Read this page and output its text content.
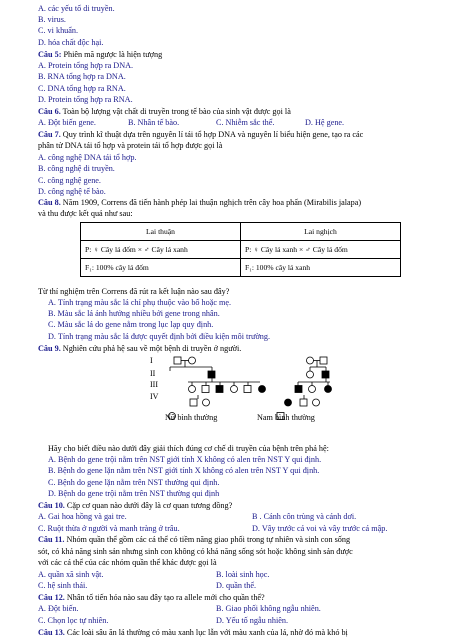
A. các yếu tố di truyền.
B. virus.
C. vi khuẩn.
D. hóa chất độc hại.
Câu 5: Phiên mã ngược là hiện tượng
A. Protein tổng hợp ra DNA.
B. RNA tổng hợp ra DNA.
C. DNA tổng hợp ra RNA.
D. Protein tổng hợp ra RNA.
Câu 6. Toàn bộ lượng vật chất di truyền trong tế bào của sinh vật được gọi là
A. Đột biến gene.	B. Nhân tế bào.	C. Nhiễm sắc thể.	D. Hệ gene.
Câu 7. Quy trình kĩ thuật dựa trên nguyên lí tái tổ hợp DNA và nguyên lí biểu hiện gene, tạo ra các
phân tử DNA tái tổ hợp và protein tái tổ hợp được gọi là
A. công nghệ DNA tái tổ hợp.
B. công nghệ di truyền.
C. công nghệ gene.
D. công nghệ tế bào.
Câu 8. Năm 1909, Correns đã tiến hành phép lai thuận nghịch trên cây hoa phấn (Mirabilis jalapa)
và thu được kết quả như sau:
Lai thuận	Lai nghịch
P: ♀ Cây lá đốm × ♂ Cây lá xanh	P: ♀ Cây lá xanh × ♂ Cây lá đốm
F₁: 100% cây lá đốm	F₁: 100% cây lá xanh
Từ thí nghiệm trên Correns đã rút ra kết luận nào sau đây?
A. Tính trạng màu sắc lá chỉ phụ thuộc vào bố hoặc mẹ.
B. Màu sắc lá ảnh hưởng nhiều bởi gene trong nhân.
C. Màu sắc lá do gene nằm trong lục lạp quy định.
D. Tính trạng màu sắc lá được quyết định bởi điều kiện môi trường.
Câu 9. Nghiên cứu phả hệ sau về một bệnh di truyền ở người.
I
II
III
IV
Nữ bình thường	Nam bình thường
Hãy cho biết điều nào dưới đây giải thích đúng cơ chế di truyền của bệnh trên phả hệ:
A. Bệnh do gene trội nằm trên NST giới tính X không có alen trên NST Y qui định.
B. Bệnh do gene lặn nằm trên NST giới tính X không có alen trên NST Y qui định.
C. Bệnh do gene lặn nằm trên NST thường qui định.
D. Bệnh do gene trội nằm trên NST thường qui định
Câu 10. Cặp cơ quan nào dưới đây là cơ quan tương đồng?
A. Gai hoa hồng và gai tre.	B . Cánh côn trùng và cánh dơi.
C. Ruột thừa ở người và manh tràng ở trâu.	D. Vây trước cá voi và vây trước cá mập.
Câu 11. Nhóm quần thể gồm các cá thể có tiềm năng giao phối trong tự nhiên và sinh con sống
sót, có khả năng sinh sản nhưng sinh con không có khả năng sống sót hoặc không sinh sản được
với các cá thể của các nhóm quần thể khác được gọi là
A. quần xã sinh vật.	B. loài sinh học.
C. hệ sinh thái.	D. quần thể.
Câu 12. Nhân tố tiến hóa nào sau đây tạo ra allele mới cho quần thể?
A. Đột biến.	B. Giao phối không ngẫu nhiên.
C. Chọn lọc tự nhiên.	D. Yếu tố ngẫu nhiên.
Câu 13. Các loài sâu ăn lá thường có màu xanh lục lẫn với màu xanh của lá, nhờ đó mà khó bị
